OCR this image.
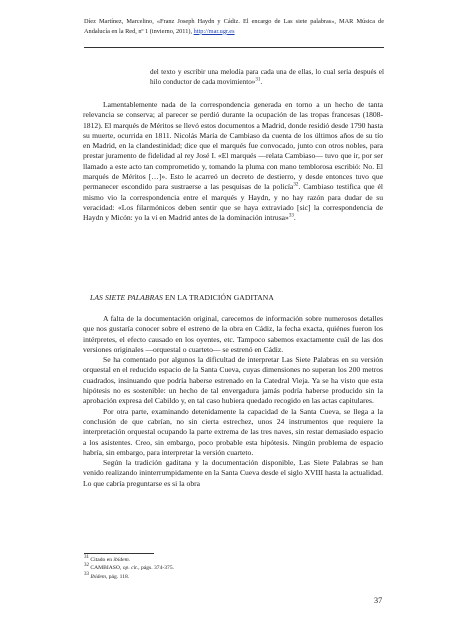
Díez Martínez, Marcelino, «Franz Joseph Haydn y Cádiz. El encargo de Las siete palabras», MAR Música de Andalucía en la Red, nº 1 (invierno, 2011), http://mar.ugr.es
del texto y escribir una melodía para cada una de ellas, lo cual sería después el hilo conductor de cada movimiento»$^{31}$.

Lamentablemente nada de la correspondencia generada en torno a un hecho de tanta relevancia se conserva; al parecer se perdió durante la ocupación de las tropas francesas (1808-1812). El marqués de Méritos se llevó estos documentos a Madrid, donde residió desde 1790 hasta su muerte, ocurrida en 1811. Nicolás María de Cambiaso da cuenta de los últimos años de su tío en Madrid, en la clandestinidad; dice que el marqués fue convocado, junto con otros nobles, para prestar juramento de fidelidad al rey José I. «El marqués —relata Cambiaso— tuvo que ir, por ser llamado a este acto tan comprometido y, tomando la pluma con mano temblorosa escribió: No. El marqués de Méritos […]». Esto le acarreó un decreto de destierro, y desde entonces tuvo que permanecer escondido para sustraerse a las pesquisas de la policía$^{32}$. Cambiaso testifica que él mismo vio la correspondencia entre el marqués y Haydn, y no hay razón para dudar de su veracidad: «Los filarmónicos deben sentir que se haya extraviado [sic] la correspondencia de Haydn y Micón: yo la vi en Madrid antes de la dominación intrusa»$^{33}$.

LAS SIETE PALABRAS EN LA TRADICIÓN GADITANA

A falta de la documentación original, carecemos de información sobre numerosos detalles que nos gustaría conocer sobre el estreno de la obra en Cádiz, la fecha exacta, quiénes fueron los intérpretes, el efecto causado en los oyentes, etc. Tampoco sabemos exactamente cuál de las dos versiones originales —orquestal o cuarteto— se estrenó en Cádiz.

Se ha comentado por algunos la dificultad de interpretar Las Siete Palabras en su versión orquestal en el reducido espacio de la Santa Cueva, cuyas dimensiones no superan los 200 metros cuadrados, insinuando que podría haberse estrenado en la Catedral Vieja. Ya se ha visto que esta hipótesis no es sostenible: un hecho de tal envergadura jamás podría haberse producido sin la aprobación expresa del Cabildo y, en tal caso hubiera quedado recogido en las actas capitulares.

Por otra parte, examinando detenidamente la capacidad de la Santa Cueva, se llega a la conclusión de que cabrían, no sin cierta estrechez, unos 24 instrumentos que requiere la interpretación orquestal ocupando la parte extrema de las tres naves, sin restar demasiado espacio a los asistentes. Creo, sin embargo, poco probable esta hipótesis. Ningún problema de espacio habría, sin embargo, para interpretar la versión cuarteto.

Según la tradición gaditana y la documentación disponible, Las Siete Palabras se han venido realizando ininterrumpidamente en la Santa Cueva desde el siglo XVIII hasta la actualidad. Lo que cabría preguntarse es si la obra

$^{31}$ Citado en ibídem.
$^{32}$ CAMBIASO, op. cit., págs. 374-375.
$^{33}$ Ibídem, pág. 118.
37
